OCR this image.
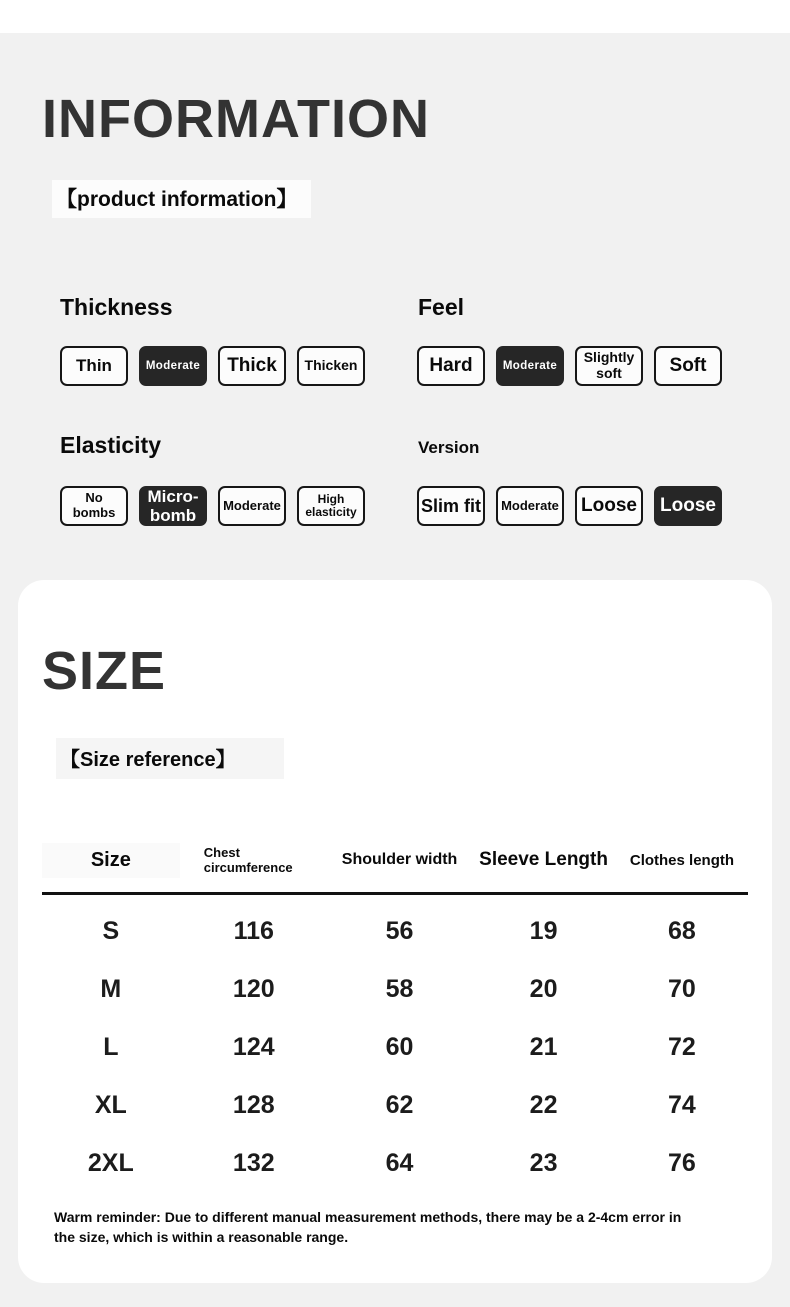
INFORMATION
【product information】
Thickness
Thin	Moderate	Thick	Thicken
Feel
Hard	Moderate
Slightly soft	Soft
Elasticity
No bombs
Micro-bomb
Moderate	High elasticity
Version
Slim fit	Moderate	Loose	Loose
SIZE
【Size reference】
Size	Chest circumference	Shoulder width	Sleeve Length	Clothes length
S	116	56	19	68
M	120	58	20	70
L	124	60	21	72
XL	128	62	22	74
2XL	132	64	23	76
Warm reminder: Due to different manual measurement methods, there may be a 2-4cm error in the size, which is within a reasonable range.
